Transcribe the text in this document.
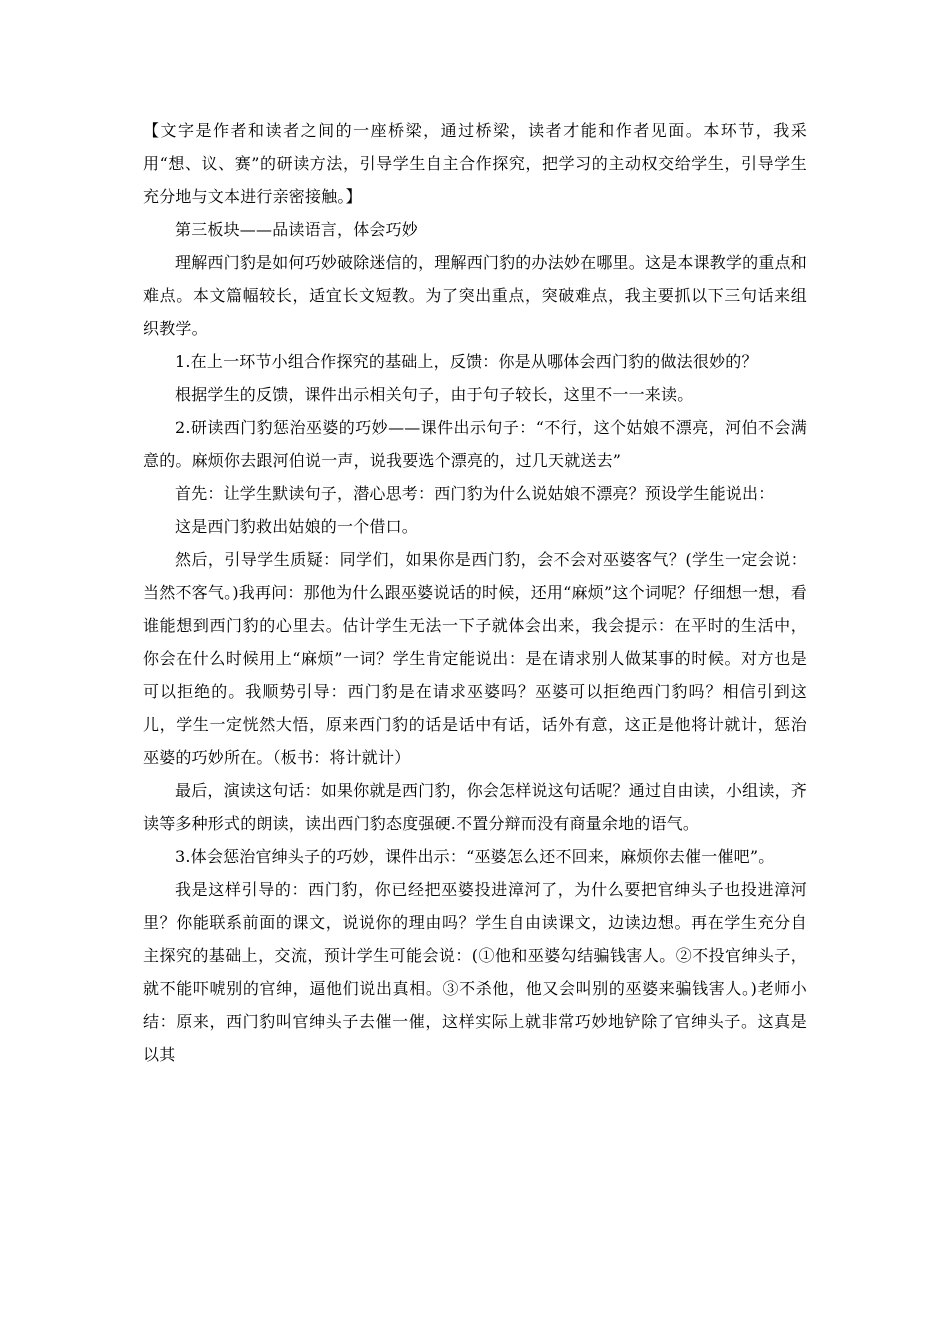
【文字是作者和读者之间的一座桥梁，通过桥梁，读者才能和作者见面。本环节，我采用“想、议、赛”的研读方法，引导学生自主合作探究，把学习的主动权交给学生，引导学生充分地与文本进行亲密接触。】

第三板块——品读语言，体会巧妙

理解西门豹是如何巧妙破除迷信的，理解西门豹的办法妙在哪里。这是本课教学的重点和难点。本文篇幅较长，适宜长文短教。为了突出重点，突破难点，我主要抓以下三句话来组织教学。

1.在上一环节小组合作探究的基础上，反馈：你是从哪体会西门豹的做法很妙的？

根据学生的反馈，课件出示相关句子，由于句子较长，这里不一一来读。

2.研读西门豹惩治巫婆的巧妙——课件出示句子：“不行，这个姑娘不漂亮，河伯不会满意的。麻烦你去跟河伯说一声，说我要选个漂亮的，过几天就送去”

首先：让学生默读句子，潜心思考：西门豹为什么说姑娘不漂亮？预设学生能说出：

这是西门豹救出姑娘的一个借口。

然后，引导学生质疑：同学们，如果你是西门豹，会不会对巫婆客气？(学生一定会说：当然不客气。)我再问：那他为什么跟巫婆说话的时候，还用“麻烦”这个词呢？仔细想一想，看谁能想到西门豹的心里去。估计学生无法一下子就体会出来，我会提示：在平时的生活中，你会在什么时候用上“麻烦”一词？学生肯定能说出：是在请求别人做某事的时候。对方也是可以拒绝的。我顺势引导：西门豹是在请求巫婆吗？巫婆可以拒绝西门豹吗？相信引到这儿，学生一定恍然大悟，原来西门豹的话是话中有话，话外有意，这正是他将计就计，惩治巫婆的巧妙所在。（板书：将计就计）

最后，演读这句话：如果你就是西门豹，你会怎样说这句话呢？通过自由读，小组读，齐读等多种形式的朗读，读出西门豹态度强硬.不置分辩而没有商量余地的语气。

3.体会惩治官绅头子的巧妙，课件出示：“巫婆怎么还不回来，麻烦你去催一催吧”。

我是这样引导的：西门豹，你已经把巫婆投进漳河了，为什么要把官绅头子也投进漳河里？你能联系前面的课文，说说你的理由吗？学生自由读课文，边读边想。再在学生充分自主探究的基础上，交流，预计学生可能会说：(①他和巫婆勾结骗钱害人。②不投官绅头子，就不能吓唬别的官绅，逼他们说出真相。③不杀他，他又会叫别的巫婆来骗钱害人。)老师小结：原来，西门豹叫官绅头子去催一催，这样实际上就非常巧妙地铲除了官绅头子。这真是以其
